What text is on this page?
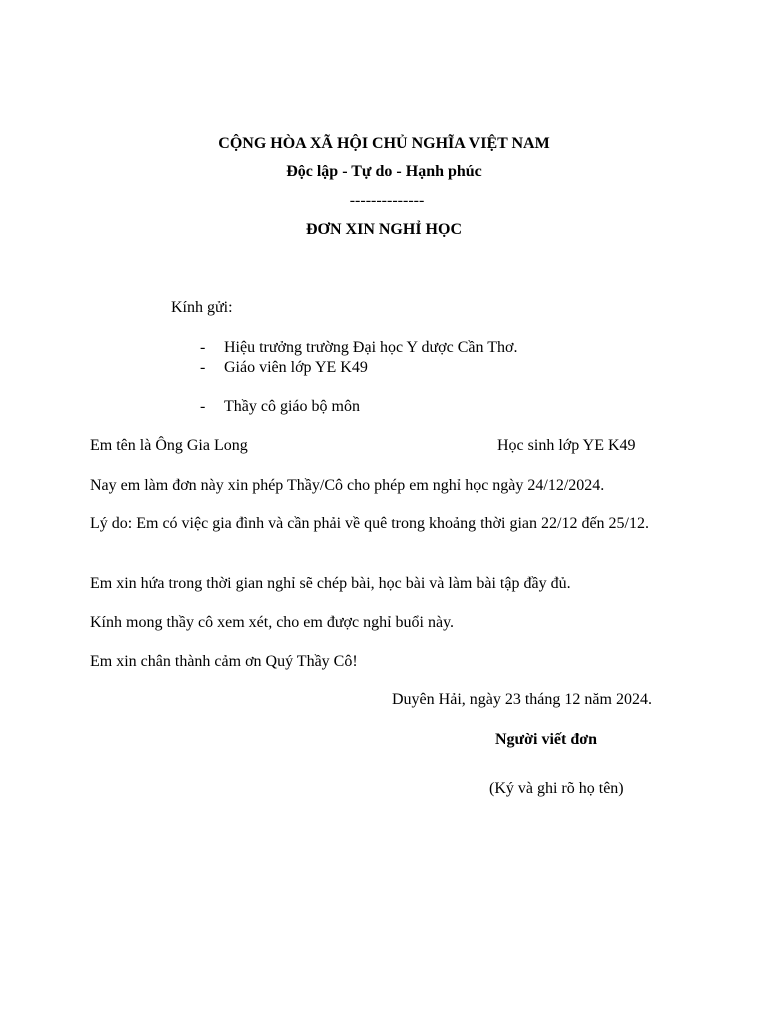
CỘNG HÒA XÃ HỘI CHỦ NGHĨA VIỆT NAM
Độc lập - Tự do - Hạnh phúc
--------------
ĐƠN XIN NGHỈ HỌC
Kính gửi:
- Hiệu trưởng trường Đại học Y dược Cần Thơ.
- Giáo viên lớp YE K49
- Thầy cô giáo bộ môn
Em tên là Ông Gia Long	Học sinh lớp YE K49
Nay em làm đơn này xin phép Thầy/Cô cho phép em nghỉ học ngày 24/12/2024.
Lý do: Em có việc gia đình và cần phải về quê trong khoảng thời gian 22/12 đến 25/12.
Em xin hứa trong thời gian nghỉ sẽ chép bài, học bài và làm bài tập đầy đủ.
Kính mong thầy cô xem xét, cho em được nghỉ buổi này.
Em xin chân thành cảm ơn Quý Thầy Cô!
Duyên Hải, ngày 23 tháng 12 năm 2024.
Người viết đơn
(Ký và ghi rõ họ tên)
